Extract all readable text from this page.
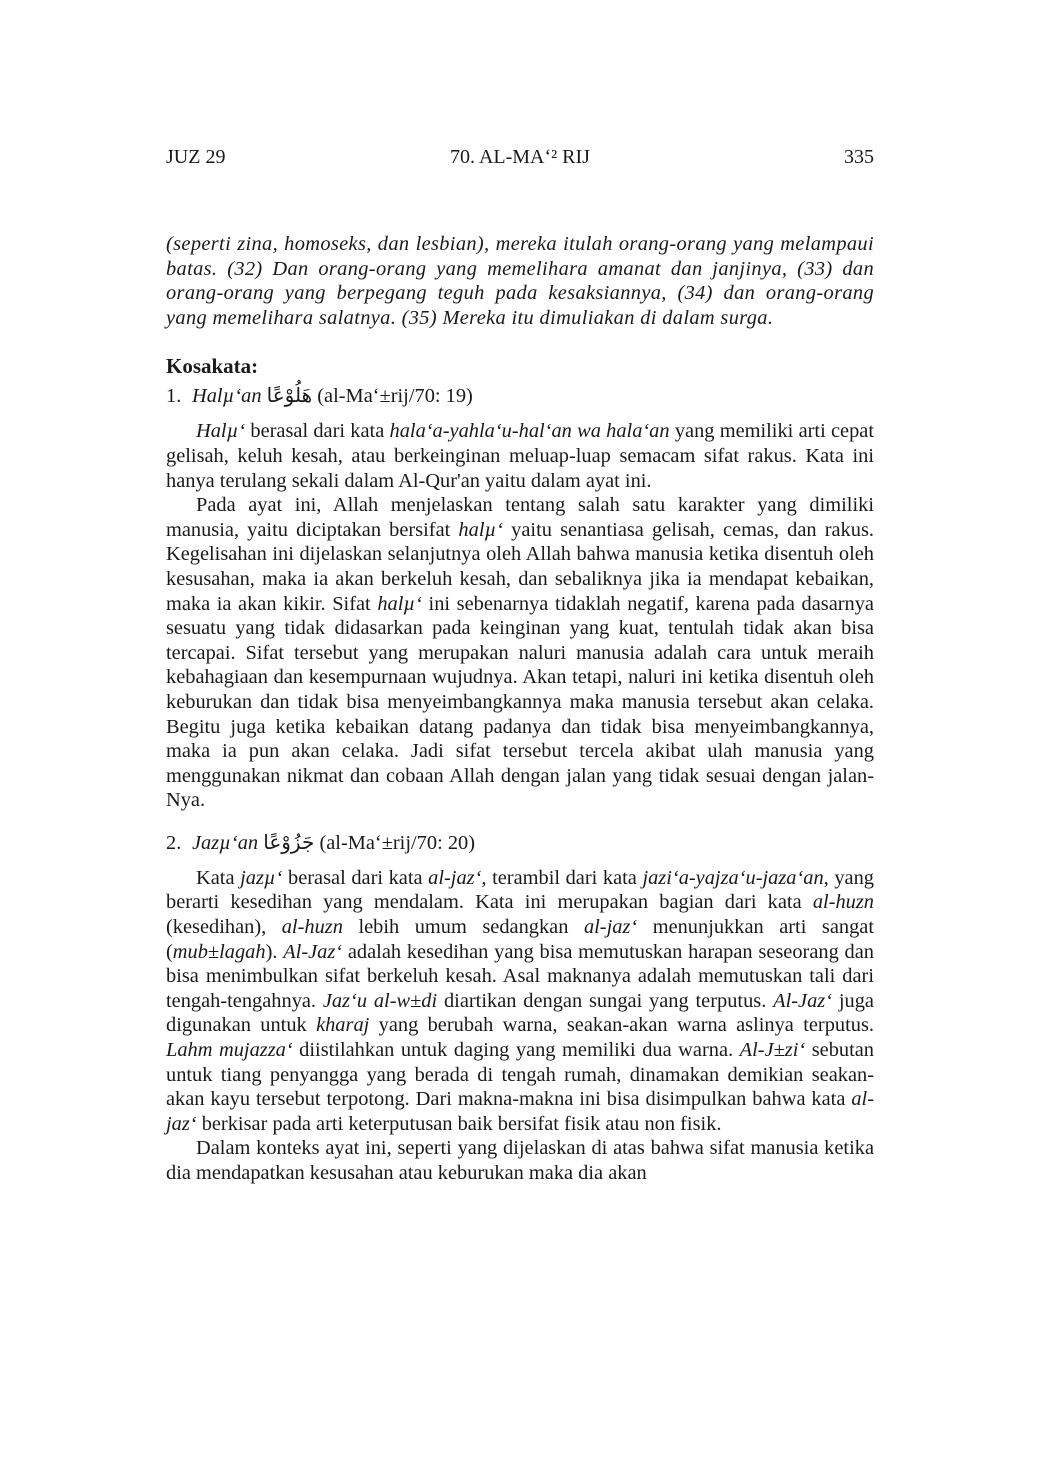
JUZ 29	70. AL-MA‘² RIJ	335

(seperti zina, homoseks, dan lesbian), mereka itulah orang-orang yang melampaui batas. (32) Dan orang-orang yang memelihara amanat dan janjinya, (33) dan orang-orang yang berpegang teguh pada kesaksiannya, (34) dan orang-orang yang memelihara salatnya. (35) Mereka itu dimuliakan di dalam surga.

Kosakata:
1. Halµ‘an هَلُوْعًا (al-Ma‘±rij/70: 19)

Halµ‘ berasal dari kata hala‘a-yahla‘u-hal‘an wa hala‘an yang memiliki arti cepat gelisah, keluh kesah, atau berkeinginan meluap-luap semacam sifat rakus. Kata ini hanya terulang sekali dalam Al-Qur'an yaitu dalam ayat ini.

Pada ayat ini, Allah menjelaskan tentang salah satu karakter yang dimiliki manusia, yaitu diciptakan bersifat halµ‘ yaitu senantiasa gelisah, cemas, dan rakus. Kegelisahan ini dijelaskan selanjutnya oleh Allah bahwa manusia ketika disentuh oleh kesusahan, maka ia akan berkeluh kesah, dan sebaliknya jika ia mendapat kebaikan, maka ia akan kikir. Sifat halµ‘ ini sebenarnya tidaklah negatif, karena pada dasarnya sesuatu yang tidak didasarkan pada keinginan yang kuat, tentulah tidak akan bisa tercapai. Sifat tersebut yang merupakan naluri manusia adalah cara untuk meraih kebahagiaan dan kesempurnaan wujudnya. Akan tetapi, naluri ini ketika disentuh oleh keburukan dan tidak bisa menyeimbangkannya maka manusia tersebut akan celaka. Begitu juga ketika kebaikan datang padanya dan tidak bisa menyeimbangkannya, maka ia pun akan celaka. Jadi sifat tersebut tercela akibat ulah manusia yang menggunakan nikmat dan cobaan Allah dengan jalan yang tidak sesuai dengan jalan-Nya.

2. Jazµ‘an جَزُوْعًا (al-Ma‘±rij/70: 20)

Kata jazµ‘ berasal dari kata al-jaz‘, terambil dari kata jazi‘a-yajza‘u-jaza‘an, yang berarti kesedihan yang mendalam. Kata ini merupakan bagian dari kata al-huzn (kesedihan), al-huzn lebih umum sedangkan al-jaz‘ menunjukkan arti sangat (mub±lagah). Al-Jaz‘ adalah kesedihan yang bisa memutuskan harapan seseorang dan bisa menimbulkan sifat berkeluh kesah. Asal maknanya adalah memutuskan tali dari tengah-tengahnya. Jaz‘u al-w±di diartikan dengan sungai yang terputus. Al-Jaz‘ juga digunakan untuk kharaj yang berubah warna, seakan-akan warna aslinya terputus. Lahm mujazza‘ diistilahkan untuk daging yang memiliki dua warna. Al-J±zi‘ sebutan untuk tiang penyangga yang berada di tengah rumah, dinamakan demikian seakan-akan kayu tersebut terpotong. Dari makna-makna ini bisa disimpulkan bahwa kata al-jaz‘ berkisar pada arti keterputusan baik bersifat fisik atau non fisik.

Dalam konteks ayat ini, seperti yang dijelaskan di atas bahwa sifat manusia ketika dia mendapatkan kesusahan atau keburukan maka dia akan
